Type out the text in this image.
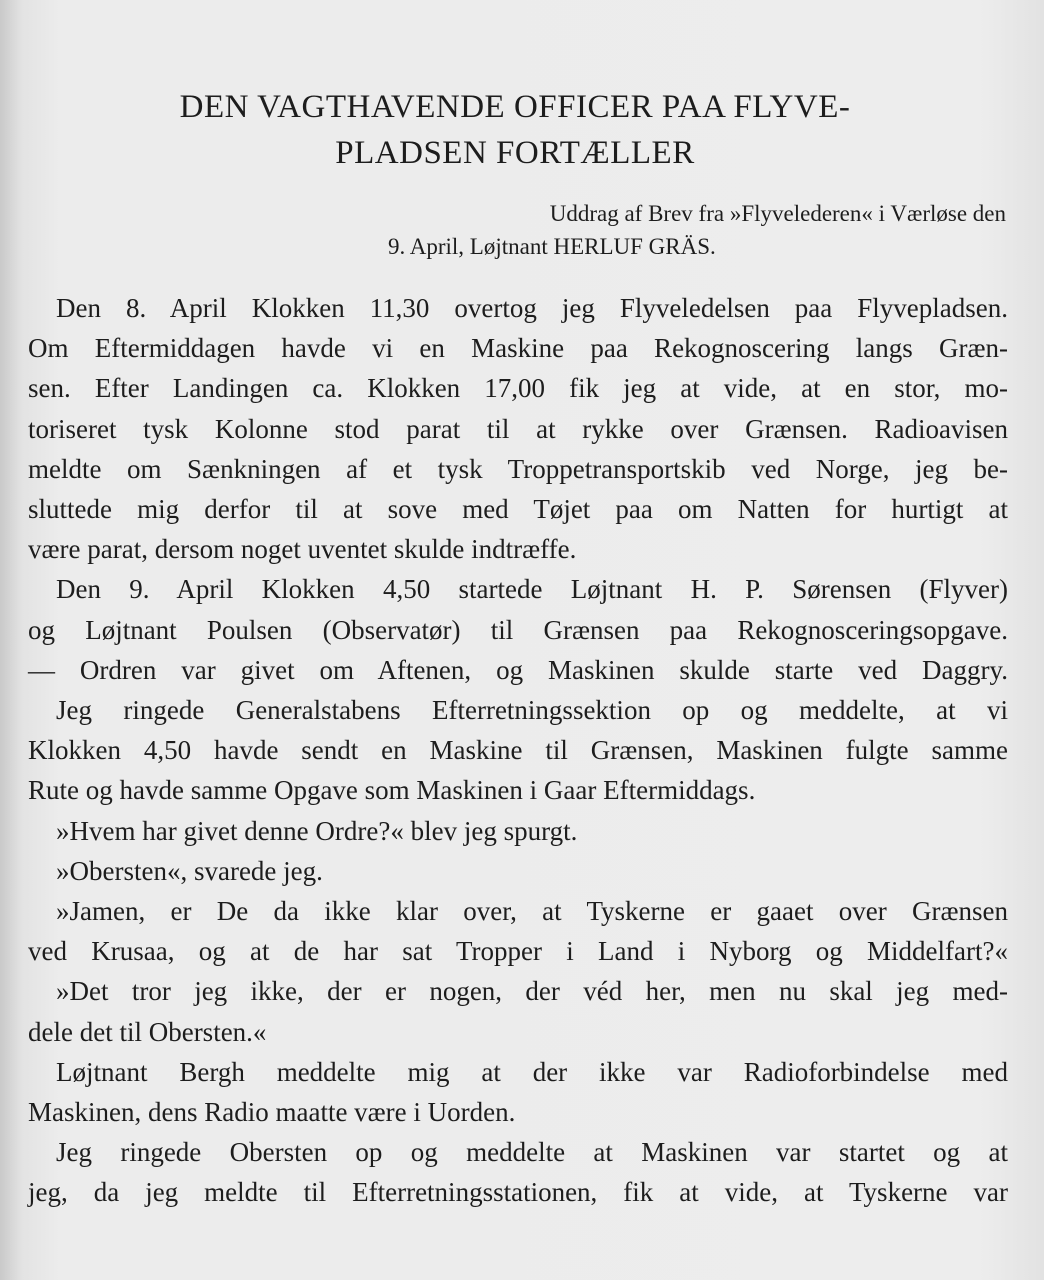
DEN VAGTHAVENDE OFFICER PAA FLYVE-
PLADSEN FORTÆLLER
Uddrag af Brev fra »Flyvelederen« i Værløse den
9. April, Løjtnant HERLUF GRÄS.
Den 8. April Klokken 11,30 overtog jeg Flyveledelsen paa Flyvepladsen.
Om Eftermiddagen havde vi en Maskine paa Rekognoscering langs Græn-
sen. Efter Landingen ca. Klokken 17,00 fik jeg at vide, at en stor, mo-
toriseret tysk Kolonne stod parat til at rykke over Grænsen. Radioavisen
meldte om Sænkningen af et tysk Troppetransportskib ved Norge, jeg be-
sluttede mig derfor til at sove med Tøjet paa om Natten for hurtigt at
være parat, dersom noget uventet skulde indtræffe.
Den 9. April Klokken 4,50 startede Løjtnant H. P. Sørensen (Flyver)
og Løjtnant Poulsen (Observatør) til Grænsen paa Rekognosceringsopgave.
— Ordren var givet om Aftenen, og Maskinen skulde starte ved Daggry.
Jeg ringede Generalstabens Efterretningssektion op og meddelte, at vi
Klokken 4,50 havde sendt en Maskine til Grænsen, Maskinen fulgte samme
Rute og havde samme Opgave som Maskinen i Gaar Eftermiddags.
»Hvem har givet denne Ordre?« blev jeg spurgt.
»Obersten«, svarede jeg.
»Jamen, er De da ikke klar over, at Tyskerne er gaaet over Grænsen
ved Krusaa, og at de har sat Tropper i Land i Nyborg og Middelfart?«
»Det tror jeg ikke, der er nogen, der véd her, men nu skal jeg med-
dele det til Obersten.«
Løjtnant Bergh meddelte mig at der ikke var Radioforbindelse med
Maskinen, dens Radio maatte være i Uorden.
Jeg ringede Obersten op og meddelte at Maskinen var startet og at
jeg, da jeg meldte til Efterretningsstationen, fik at vide, at Tyskerne var
